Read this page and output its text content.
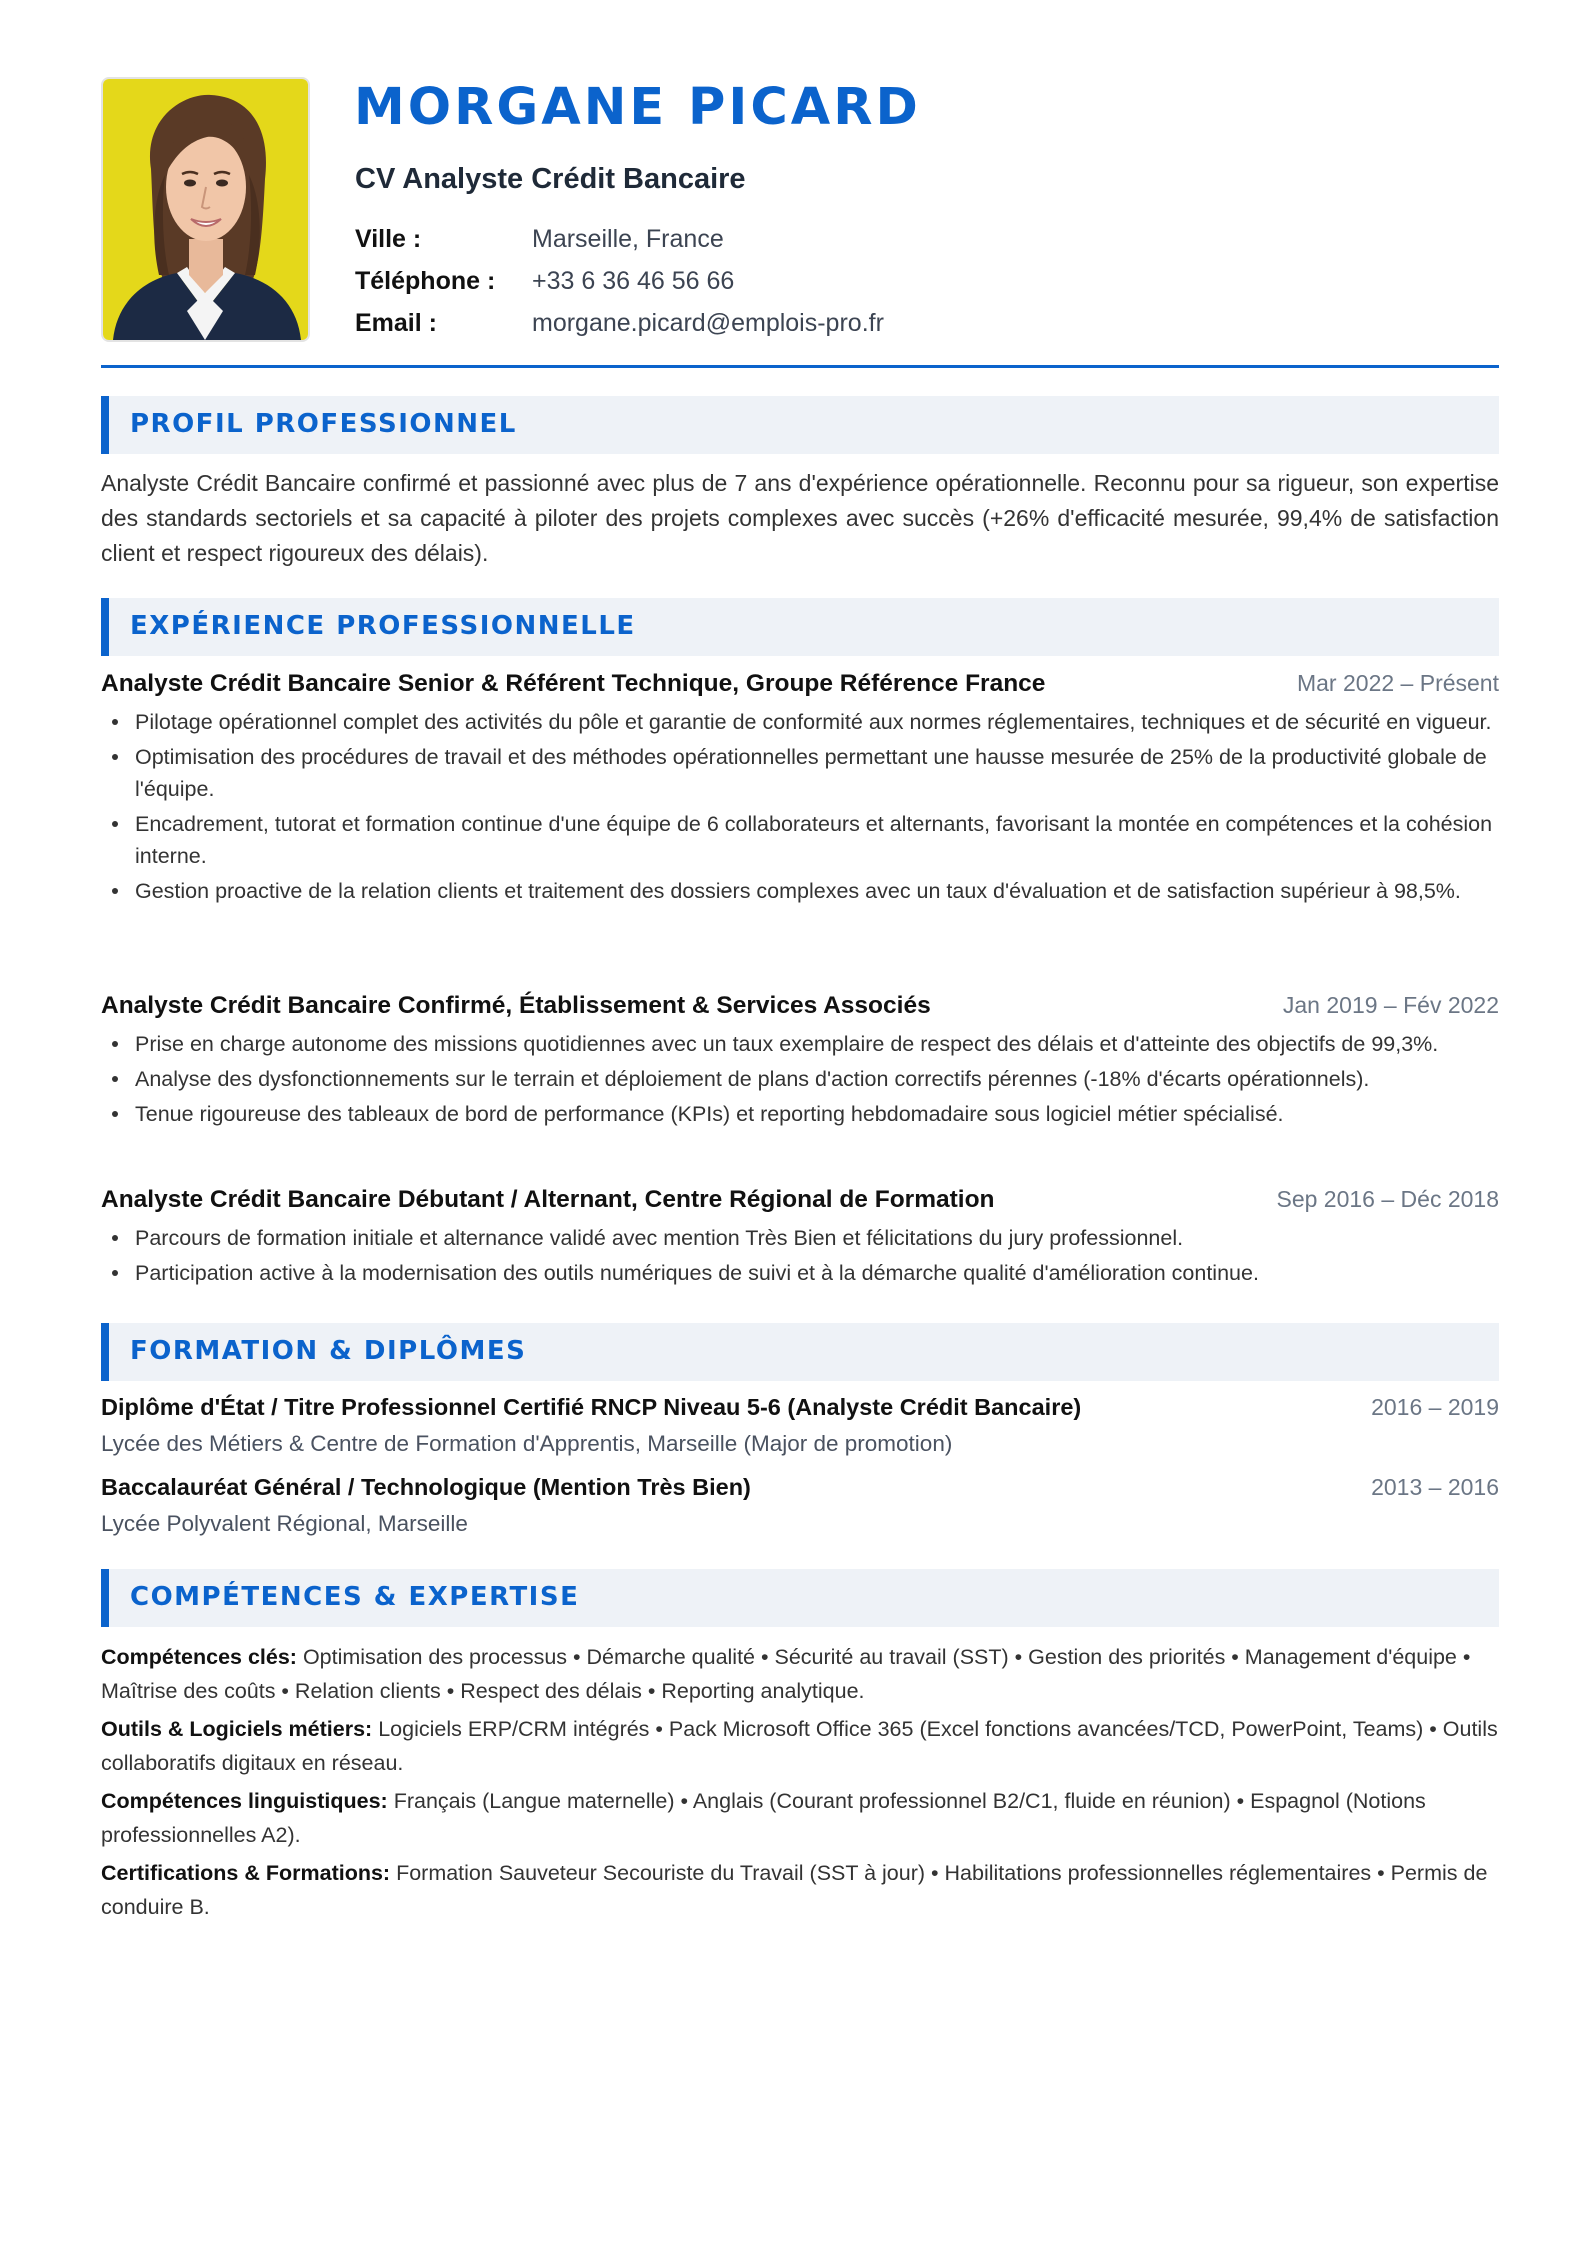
MORGANE PICARD
CV Analyste Crédit Bancaire
Ville :	Marseille, France
Téléphone :	+33 6 36 46 56 66
Email :	morgane.picard@emplois-pro.fr
PROFIL PROFESSIONNEL

Analyste Crédit Bancaire confirmé et passionné avec plus de 7 ans d'expérience opérationnelle. Reconnu pour sa rigueur, son expertise des standards sectoriels et sa capacité à piloter des projets complexes avec succès (+26% d'efficacité mesurée, 99,4% de satisfaction client et respect rigoureux des délais).

EXPÉRIENCE PROFESSIONNELLE
Analyste Crédit Bancaire Senior & Référent Technique, Groupe Référence France	Mar 2022 – Présent
Pilotage opérationnel complet des activités du pôle et garantie de conformité aux normes réglementaires, techniques et de sécurité en vigueur.
Optimisation des procédures de travail et des méthodes opérationnelles permettant une hausse mesurée de 25% de la productivité globale de l'équipe.
Encadrement, tutorat et formation continue d'une équipe de 6 collaborateurs et alternants, favorisant la montée en compétences et la cohésion interne.
Gestion proactive de la relation clients et traitement des dossiers complexes avec un taux d'évaluation et de satisfaction supérieur à 98,5%.
Analyste Crédit Bancaire Confirmé, Établissement & Services Associés	Jan 2019 – Fév 2022
Prise en charge autonome des missions quotidiennes avec un taux exemplaire de respect des délais et d'atteinte des objectifs de 99,3%.
Analyse des dysfonctionnements sur le terrain et déploiement de plans d'action correctifs pérennes (-18% d'écarts opérationnels).
Tenue rigoureuse des tableaux de bord de performance (KPIs) et reporting hebdomadaire sous logiciel métier spécialisé.
Analyste Crédit Bancaire Débutant / Alternant, Centre Régional de Formation	Sep 2016 – Déc 2018
Parcours de formation initiale et alternance validé avec mention Très Bien et félicitations du jury professionnel.
Participation active à la modernisation des outils numériques de suivi et à la démarche qualité d'amélioration continue.
FORMATION & DIPLÔMES
Diplôme d'État / Titre Professionnel Certifié RNCP Niveau 5-6 (Analyste Crédit Bancaire)	2016 – 2019
Lycée des Métiers & Centre de Formation d'Apprentis, Marseille (Major de promotion)
Baccalauréat Général / Technologique (Mention Très Bien)	2013 – 2016
Lycée Polyvalent Régional, Marseille
COMPÉTENCES & EXPERTISE
Compétences clés: Optimisation des processus • Démarche qualité • Sécurité au travail (SST) • Gestion des priorités • Management d'équipe • Maîtrise des coûts • Relation clients • Respect des délais • Reporting analytique.
Outils & Logiciels métiers: Logiciels ERP/CRM intégrés • Pack Microsoft Office 365 (Excel fonctions avancées/TCD, PowerPoint, Teams) • Outils collaboratifs digitaux en réseau.
Compétences linguistiques: Français (Langue maternelle) • Anglais (Courant professionnel B2/C1, fluide en réunion) • Espagnol (Notions professionnelles A2).
Certifications & Formations: Formation Sauveteur Secouriste du Travail (SST à jour) • Habilitations professionnelles réglementaires • Permis de conduire B.
